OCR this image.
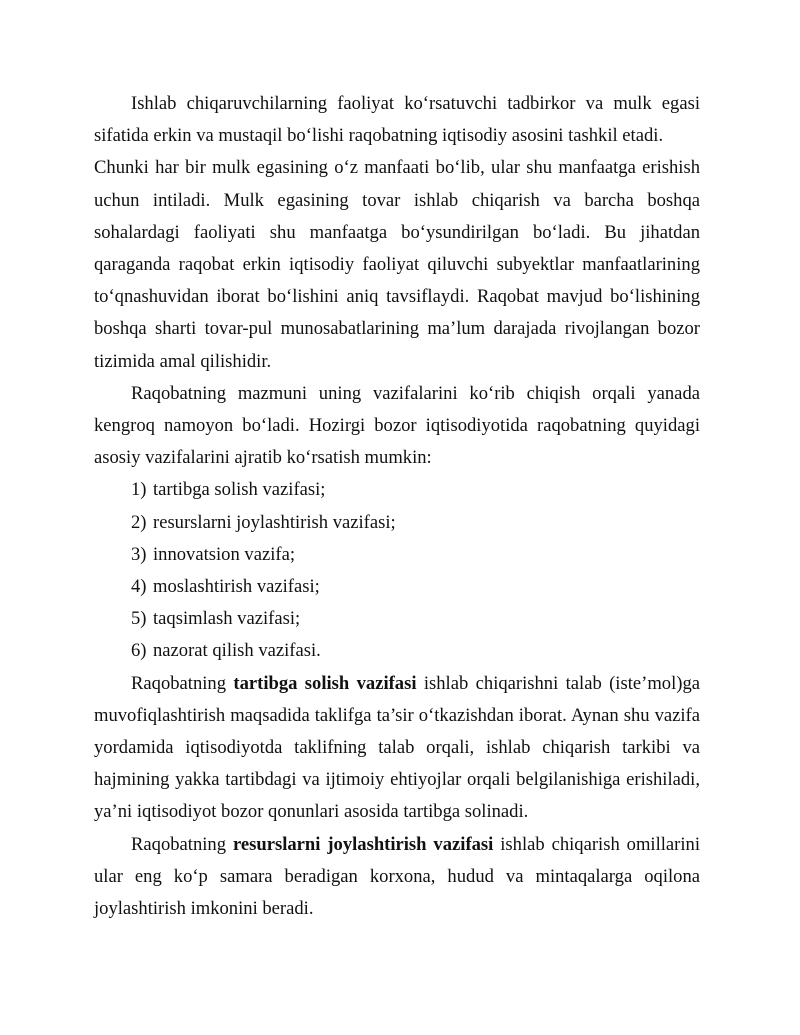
Ishlab chiqaruvchilarning faoliyat ko‘rsatuvchi tadbirkor va mulk egasi sifatida erkin va mustaqil bo‘lishi raqobatning iqtisodiy asosini tashkil etadi.

Chunki har bir mulk egasining o‘z manfaati bo‘lib, ular shu manfaatga erishish uchun intiladi. Mulk egasining tovar ishlab chiqarish va barcha boshqa sohalardagi faoliyati shu manfaatga bo‘ysundirilgan bo‘ladi. Bu jihatdan qaraganda raqobat erkin iqtisodiy faoliyat qiluvchi subyektlar manfaatlarining to‘qnashuvidan iborat bo‘lishini aniq tavsiflaydi. Raqobat mavjud bo‘lishining boshqa sharti tovar-pul munosabatlarining ma’lum darajada rivojlangan bozor tizimida amal qilishidir.

Raqobatning mazmuni uning vazifalarini ko‘rib chiqish orqali yanada kengroq namoyon bo‘ladi. Hozirgi bozor iqtisodiyotida raqobatning quyidagi asosiy vazifalarini ajratib ko‘rsatish mumkin:

1) tartibga solish vazifasi;
2) resurslarni joylashtirish vazifasi;
3) innovatsion vazifa;
4) moslashtirish vazifasi;
5) taqsimlash vazifasi;
6) nazorat qilish vazifasi.

Raqobatning tartibga solish vazifasi ishlab chiqarishni talab (iste’mol)ga muvofiqlashtirish maqsadida taklifga ta’sir o‘tkazishdan iborat. Aynan shu vazifa yordamida iqtisodiyotda taklifning talab orqali, ishlab chiqarish tarkibi va hajmining yakka tartibdagi va ijtimoiy ehtiyojlar orqali belgilanishiga erishiladi, ya’ni iqtisodiyot bozor qonunlari asosida tartibga solinadi.

Raqobatning resurslarni joylashtirish vazifasi ishlab chiqarish omillarini ular eng ko‘p samara beradigan korxona, hudud va mintaqalarga oqilona joylashtirish imkonini beradi.
